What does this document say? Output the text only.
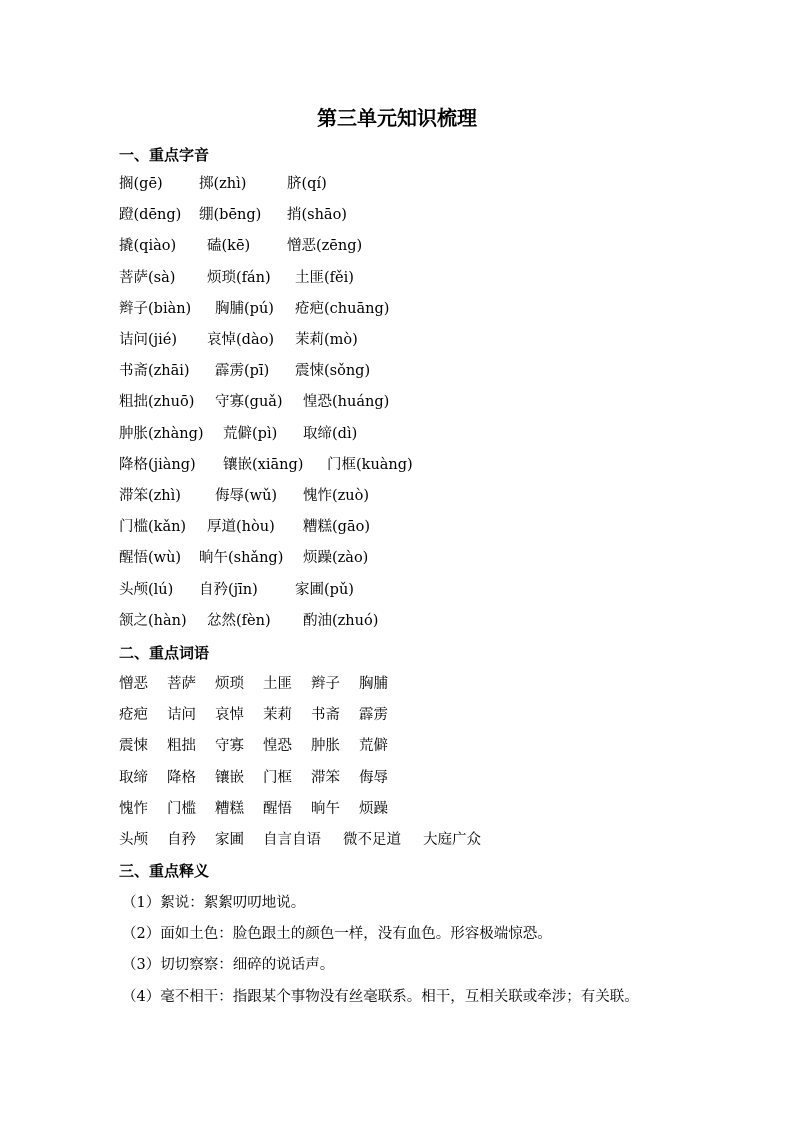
第三单元知识梳理
一、重点字音
搁(gē)	掷(zhì)	脐(qí)
蹬(dēng) 绷(bēng) 捎(shāo)
撬(qiào) 磕(kē)	憎恶(zēng)
菩萨(sà) 烦琐(fán) 土匪(fěi)
辫子(biàn) 胸脯(pú) 疮疤(chuāng)
诘问(jié) 哀悼(dào) 茉莉(mò)
书斋(zhāi) 霹雳(pī) 震悚(sǒng)
粗拙(zhuō) 守寡(guǎ) 惶恐(huáng)
肿胀(zhàng) 荒僻(pì) 取缔(dì)
降格(jiàng) 镶嵌(xiāng) 门框(kuàng)
滞笨(zhì) 侮辱(wǔ) 愧怍(zuò)
门槛(kǎn) 厚道(hòu) 糟糕(gāo)
醒悟(wù) 晌午(shǎng) 烦躁(zào)
头颅(lú) 自矜(jīn)	家圃(pǔ)
颔之(hàn) 忿然(fèn) 酌油(zhuó)
二、重点词语
憎恶 菩萨 烦琐 土匪 辫子 胸脯
疮疤 诘问 哀悼 茉莉 书斋 霹雳
震悚 粗拙 守寡 惶恐 肿胀 荒僻
取缔 降格 镶嵌 门框 滞笨 侮辱
愧怍 门槛 糟糕 醒悟 晌午 烦躁
头颅 自矜 家圃 自言自语 微不足道 大庭广众
三、重点释义
（1）絮说：絮絮叨叨地说。
（2）面如土色：脸色跟土的颜色一样，没有血色。形容极端惊恐。
（3）切切察察：细碎的说话声。
（4）毫不相干：指跟某个事物没有丝毫联系。相干，互相关联或牵涉；有关联。
